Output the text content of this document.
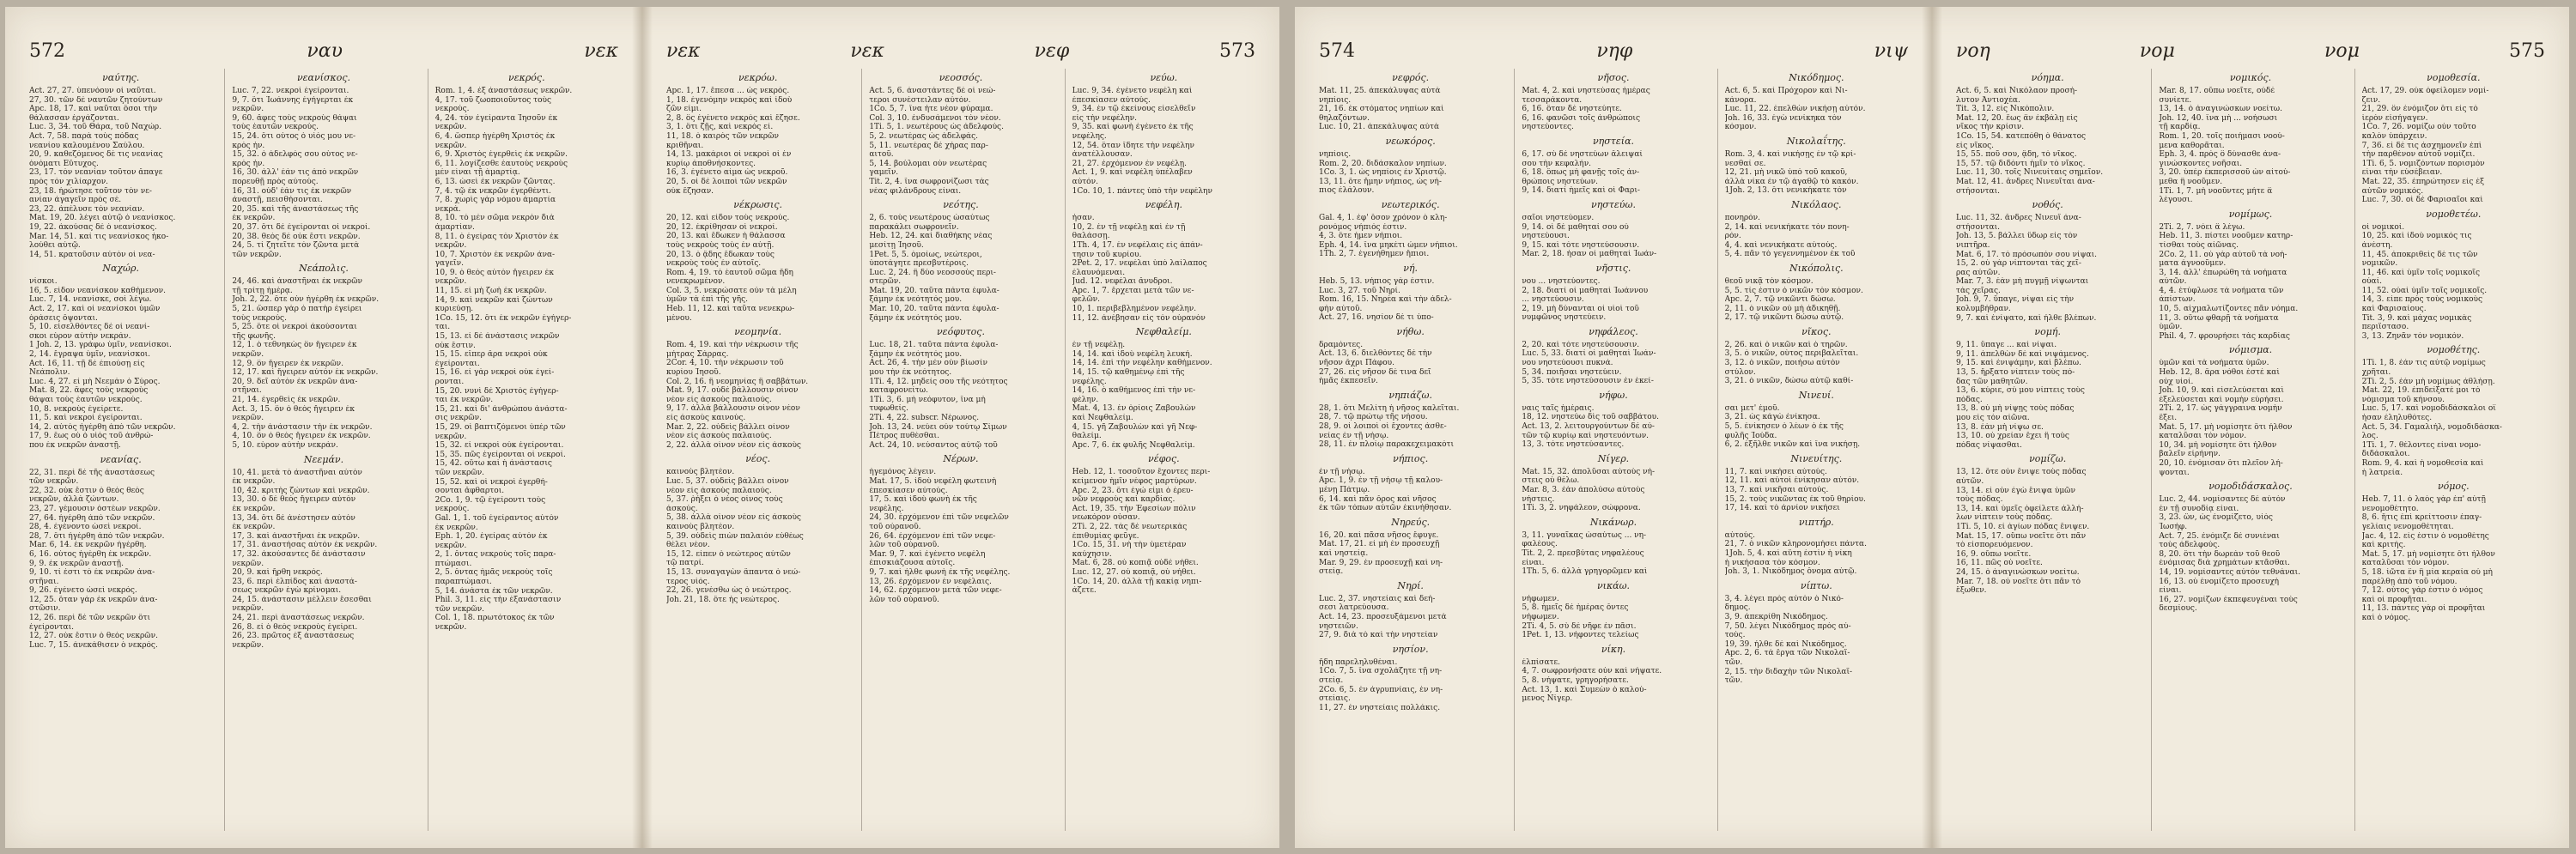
572	ναυ	νεκ
ναύτης.
Act. 27, 27. ὑπενόουν οἱ ναῦται.
27, 30. τῶν δὲ ναυτῶν ζητούντων
Apc. 18, 17. καὶ ναῦται ὅσοι τὴν
θάλασσαν ἐργάζονται.
Luc. 3, 34. τοῦ Θάρα, τοῦ Ναχώρ.
Act. 7, 58. παρὰ τοὺς πόδας
νεανίου καλουμένου Σαύλου.
20, 9. καθεζόμενος δέ τις νεανίας
ὀνόματι Εὔτυχος.
23, 17. τὸν νεανίαν τοῦτον ἄπαγε
πρὸς τὸν χιλίαρχον.
23, 18. ἠρώτησε τοῦτον τὸν νε-
ανίαν ἀγαγεῖν πρὸς σέ.
23, 22. ἀπέλυσε τὸν νεανίαν.
Mat. 19, 20. λέγει αὐτῷ ὁ νεανίσκος.
19, 22. ἀκούσας δὲ ὁ νεανίσκος.
Mar. 14, 51. καί τις νεανίσκος ἠκο-
λούθει αὐτῷ.
14, 51. κρατοῦσιν αὐτὸν οἱ νεα-
Ναχώρ.
νίσκοι.
16, 5. εἶδον νεανίσκον καθήμενον.
Luc. 7, 14. νεανίσκε, σοὶ λέγω.
Act. 2, 17. καὶ οἱ νεανίσκοι ὑμῶν
ὁράσεις ὄψονται.
5, 10. εἰσελθόντες δὲ οἱ νεανί-
σκοι εὗρον αὐτὴν νεκράν.
1 Joh. 2, 13. γράφω ὑμῖν, νεανίσκοι.
2, 14. ἔγραψα ὑμῖν, νεανίσκοι.
Act. 16, 11. τῇ δὲ ἐπιούσῃ εἰς
Νεάπολιν.
Luc. 4, 27. εἰ μὴ Νεεμὰν ὁ Σύρος.
Mat. 8, 22. ἄφες τοὺς νεκροὺς
θάψαι τοὺς ἑαυτῶν νεκρούς.
10, 8. νεκροὺς ἐγείρετε.
11, 5. καὶ νεκροὶ ἐγείρονται.
14, 2. αὐτὸς ἠγέρθη ἀπὸ τῶν νεκρῶν.
17, 9. ἕως οὗ ὁ υἱὸς τοῦ ἀνθρώ-
που ἐκ νεκρῶν ἀναστῇ.
νεανίας.
22, 31. περὶ δὲ τῆς ἀναστάσεως
τῶν νεκρῶν.
22, 32. οὐκ ἔστιν ὁ θεὸς θεὸς
νεκρῶν, ἀλλὰ ζώντων.
23, 27. γέμουσιν ὀστέων νεκρῶν.
27, 64. ἠγέρθη ἀπὸ τῶν νεκρῶν.
28, 4. ἐγένοντο ὡσεὶ νεκροί.
28, 7. ὅτι ἠγέρθη ἀπὸ τῶν νεκρῶν.
Mar. 6, 14. ἐκ νεκρῶν ἠγέρθη.
6, 16. οὗτος ἠγέρθη ἐκ νεκρῶν.
9, 9. ἐκ νεκρῶν ἀναστῇ.
9, 10. τί ἐστι τὸ ἐκ νεκρῶν ἀνα-
στῆναι.
9, 26. ἐγένετο ὡσεὶ νεκρός.
12, 25. ὅταν γὰρ ἐκ νεκρῶν ἀνα-
στῶσιν.
12, 26. περὶ δὲ τῶν νεκρῶν ὅτι
ἐγείρονται.
12, 27. οὐκ ἔστιν ὁ θεὸς νεκρῶν.
Luc. 7, 15. ἀνεκάθισεν ὁ νεκρός.
νεανίσκος.
Luc. 7, 22. νεκροὶ ἐγείρονται.
9, 7. ὅτι Ἰωάννης ἐγήγερται ἐκ
νεκρῶν.
9, 60. ἄφες τοὺς νεκροὺς θάψαι
τοὺς ἑαυτῶν νεκρούς.
15, 24. ὅτι οὗτος ὁ υἱός μου νε-
κρὸς ἦν.
15, 32. ὁ ἀδελφός σου οὗτος νε-
κρὸς ἦν.
16, 30. ἀλλ' ἐάν τις ἀπὸ νεκρῶν
πορευθῇ πρὸς αὐτούς.
16, 31. οὐδ' ἐάν τις ἐκ νεκρῶν
ἀναστῇ, πεισθήσονται.
20, 35. καὶ τῆς ἀναστάσεως τῆς
ἐκ νεκρῶν.
20, 37. ὅτι δὲ ἐγείρονται οἱ νεκροί.
20, 38. θεὸς δὲ οὐκ ἔστι νεκρῶν.
24, 5. τί ζητεῖτε τὸν ζῶντα μετὰ
τῶν νεκρῶν.
Νεάπολις.
24, 46. καὶ ἀναστῆναι ἐκ νεκρῶν
τῇ τρίτῃ ἡμέρᾳ.
Joh. 2, 22. ὅτε οὖν ἠγέρθη ἐκ νεκρῶν.
5, 21. ὥσπερ γὰρ ὁ πατὴρ ἐγείρει
τοὺς νεκρούς.
5, 25. ὅτε οἱ νεκροὶ ἀκούσονται
τῆς φωνῆς.
12, 1. ὁ τεθνηκὼς ὃν ἤγειρεν ἐκ
νεκρῶν.
12, 9. ὃν ἤγειρεν ἐκ νεκρῶν.
12, 17. καὶ ἤγειρεν αὐτὸν ἐκ νεκρῶν.
20, 9. δεῖ αὐτὸν ἐκ νεκρῶν ἀνα-
στῆναι.
21, 14. ἐγερθεὶς ἐκ νεκρῶν.
Act. 3, 15. ὃν ὁ θεὸς ἤγειρεν ἐκ
νεκρῶν.
4, 2. τὴν ἀνάστασιν τὴν ἐκ νεκρῶν.
4, 10. ὃν ὁ θεὸς ἤγειρεν ἐκ νεκρῶν.
5, 10. εὗρον αὐτὴν νεκράν.
Νεεμάν.
10, 41. μετὰ τὸ ἀναστῆναι αὐτὸν
ἐκ νεκρῶν.
10, 42. κριτὴς ζώντων καὶ νεκρῶν.
13, 30. ὁ δὲ θεὸς ἤγειρεν αὐτὸν
ἐκ νεκρῶν.
13, 34. ὅτι δὲ ἀνέστησεν αὐτὸν
ἐκ νεκρῶν.
17, 3. καὶ ἀναστῆναι ἐκ νεκρῶν.
17, 31. ἀναστήσας αὐτὸν ἐκ νεκρῶν.
17, 32. ἀκούσαντες δὲ ἀνάστασιν
νεκρῶν.
20, 9. καὶ ἤρθη νεκρός.
23, 6. περὶ ἐλπίδος καὶ ἀναστά-
σεως νεκρῶν ἐγὼ κρίνομαι.
24, 15. ἀνάστασιν μέλλειν ἔσεσθαι
νεκρῶν.
24, 21. περὶ ἀναστάσεως νεκρῶν.
26, 8. εἰ ὁ θεὸς νεκροὺς ἐγείρει.
26, 23. πρῶτος ἐξ ἀναστάσεως
νεκρῶν.
νεκρός.
Rom. 1, 4. ἐξ ἀναστάσεως νεκρῶν.
4, 17. τοῦ ζωοποιοῦντος τοὺς
νεκρούς.
4, 24. τὸν ἐγείραντα Ἰησοῦν ἐκ
νεκρῶν.
6, 4. ὥσπερ ἠγέρθη Χριστὸς ἐκ
νεκρῶν.
6, 9. Χριστὸς ἐγερθεὶς ἐκ νεκρῶν.
6, 11. λογίζεσθε ἑαυτοὺς νεκροὺς
μὲν εἶναι τῇ ἁμαρτίᾳ.
6, 13. ὡσεὶ ἐκ νεκρῶν ζῶντας.
7, 4. τῷ ἐκ νεκρῶν ἐγερθέντι.
7, 8. χωρὶς γὰρ νόμου ἁμαρτία
νεκρά.
8, 10. τὸ μὲν σῶμα νεκρὸν διὰ
ἁμαρτίαν.
8, 11. ὁ ἐγείρας τὸν Χριστὸν ἐκ
νεκρῶν.
10, 7. Χριστὸν ἐκ νεκρῶν ἀνα-
γαγεῖν.
10, 9. ὁ θεὸς αὐτὸν ἤγειρεν ἐκ
νεκρῶν.
11, 15. εἰ μὴ ζωὴ ἐκ νεκρῶν.
14, 9. καὶ νεκρῶν καὶ ζώντων
κυριεύσῃ.
1Co. 15, 12. ὅτι ἐκ νεκρῶν ἐγήγερ-
ται.
15, 13. εἰ δὲ ἀνάστασις νεκρῶν
οὐκ ἔστιν.
15, 15. εἴπερ ἄρα νεκροὶ οὐκ
ἐγείρονται.
15, 16. εἰ γὰρ νεκροὶ οὐκ ἐγεί-
ρονται.
15, 20. νυνὶ δὲ Χριστὸς ἐγήγερ-
ται ἐκ νεκρῶν.
15, 21. καὶ δι' ἀνθρώπου ἀνάστα-
σις νεκρῶν.
15, 29. οἱ βαπτιζόμενοι ὑπὲρ τῶν
νεκρῶν.
15, 32. εἰ νεκροὶ οὐκ ἐγείρονται.
15, 35. πῶς ἐγείρονται οἱ νεκροί.
15, 42. οὕτω καὶ ἡ ἀνάστασις
τῶν νεκρῶν.
15, 52. καὶ οἱ νεκροὶ ἐγερθή-
σονται ἄφθαρτοι.
2Co. 1, 9. τῷ ἐγείροντι τοὺς
νεκρούς.
Gal. 1, 1. τοῦ ἐγείραντος αὐτὸν
ἐκ νεκρῶν.
Eph. 1, 20. ἐγείρας αὐτὸν ἐκ
νεκρῶν.
2, 1. ὄντας νεκροὺς τοῖς παρα-
πτώμασι.
2, 5. ὄντας ἡμᾶς νεκροὺς τοῖς
παραπτώμασι.
5, 14. ἀνάστα ἐκ τῶν νεκρῶν.
Phil. 3, 11. εἰς τὴν ἐξανάστασιν
τῶν νεκρῶν.
Col. 1, 18. πρωτότοκος ἐκ τῶν
νεκρῶν.
νεκ	νεκ	νεφ	573
νεκρόω.
Apc. 1, 17. ἔπεσα ... ὡς νεκρός.
1, 18. ἐγενόμην νεκρὸς καὶ ἰδοὺ
ζῶν εἰμι.
2, 8. ὃς ἐγένετο νεκρὸς καὶ ἔζησε.
3, 1. ὅτι ζῇς, καὶ νεκρὸς εἶ.
11, 18. ὁ καιρὸς τῶν νεκρῶν
κριθῆναι.
14, 13. μακάριοι οἱ νεκροὶ οἱ ἐν
κυρίῳ ἀποθνήσκοντες.
16, 3. ἐγένετο αἷμα ὡς νεκροῦ.
20, 5. οἱ δὲ λοιποὶ τῶν νεκρῶν
οὐκ ἔζησαν.
νέκρωσις.
20, 12. καὶ εἶδον τοὺς νεκρούς.
20, 12. ἐκρίθησαν οἱ νεκροί.
20, 13. καὶ ἔδωκεν ἡ θάλασσα
τοὺς νεκροὺς τοὺς ἐν αὐτῇ.
20, 13. ὁ ᾅδης ἔδωκαν τοὺς
νεκροὺς τοὺς ἐν αὐτοῖς.
Rom. 4, 19. τὸ ἑαυτοῦ σῶμα ἤδη
νενεκρωμένον.
Col. 3, 5. νεκρώσατε οὖν τὰ μέλη
ὑμῶν τὰ ἐπὶ τῆς γῆς.
Heb. 11, 12. καὶ ταῦτα νενεκρω-
μένου.
νεομηνία.
Rom. 4, 19. καὶ τὴν νέκρωσιν τῆς
μήτρας Σάρρας.
2Cor. 4, 10. τὴν νέκρωσιν τοῦ
κυρίου Ἰησοῦ.
Col. 2, 16. ἢ νεομηνίας ἢ σαββάτων.
Mat. 9, 17. οὐδὲ βάλλουσιν οἶνον
νέον εἰς ἀσκοὺς παλαιούς.
9, 17. ἀλλὰ βάλλουσιν οἶνον νέον
εἰς ἀσκοὺς καινούς.
Mar. 2, 22. οὐδεὶς βάλλει οἶνον
νέον εἰς ἀσκοὺς παλαιούς.
2, 22. ἀλλὰ οἶνον νέον εἰς ἀσκοὺς
νέος.
καινοὺς βλητέον.
Luc. 5, 37. οὐδεὶς βάλλει οἶνον
νέον εἰς ἀσκοὺς παλαιούς.
5, 37. ῥήξει ὁ νέος οἶνος τοὺς
ἀσκούς.
5, 38. ἀλλὰ οἶνον νέον εἰς ἀσκοὺς
καινοὺς βλητέον.
5, 39. οὐδεὶς πιὼν παλαιὸν εὐθέως
θέλει νέον.
15, 12. εἶπεν ὁ νεώτερος αὐτῶν
τῷ πατρί.
15, 13. συναγαγὼν ἅπαντα ὁ νεώ-
τερος υἱός.
22, 26. γενέσθω ὡς ὁ νεώτερος.
Joh. 21, 18. ὅτε ἦς νεώτερος.
νεοσσός.
Act. 5, 6. ἀναστάντες δὲ οἱ νεώ-
τεροι συνέστειλαν αὐτόν.
1Co. 5, 7. ἵνα ἦτε νέον φύραμα.
Col. 3, 10. ἐνδυσάμενοι τὸν νέον.
1Ti. 5, 1. νεωτέρους ὡς ἀδελφούς.
5, 2. νεωτέρας ὡς ἀδελφάς.
5, 11. νεωτέρας δὲ χήρας παρ-
αιτοῦ.
5, 14. βούλομαι οὖν νεωτέρας
γαμεῖν.
Tit. 2, 4. ἵνα σωφρονίζωσι τὰς
νέας φιλάνδρους εἶναι.
νεότης.
2, 6. τοὺς νεωτέρους ὡσαύτως
παρακάλει σωφρονεῖν.
Heb. 12, 24. καὶ διαθήκης νέας
μεσίτῃ Ἰησοῦ.
1Pet. 5, 5. ὁμοίως, νεώτεροι,
ὑποτάγητε πρεσβυτέροις.
Luc. 2, 24. ἢ δύο νεοσσοὺς περι-
στερῶν.
Mat. 19, 20. ταῦτα πάντα ἐφυλα-
ξάμην ἐκ νεότητός μου.
Mar. 10, 20. ταῦτα πάντα ἐφυλα-
ξάμην ἐκ νεότητός μου.
νεόφυτος.
Luc. 18, 21. ταῦτα πάντα ἐφυλα-
ξάμην ἐκ νεότητός μου.
Act. 26, 4. τὴν μὲν οὖν βίωσίν
μου τὴν ἐκ νεότητος.
1Ti. 4, 12. μηδείς σου τῆς νεότητος
καταφρονείτω.
1Ti. 3, 6. μὴ νεόφυτον, ἵνα μὴ
τυφωθείς.
2Ti. 4, 22. subscr. Νέρωνος.
Joh. 13, 24. νεύει οὖν τούτῳ Σίμων
Πέτρος πυθέσθαι.
Act. 24, 10. νεύσαντος αὐτῷ τοῦ
Νέρων.
ἡγεμόνος λέγειν.
Mat. 17, 5. ἰδοὺ νεφέλη φωτεινὴ
ἐπεσκίασεν αὐτούς.
17, 5. καὶ ἰδοὺ φωνὴ ἐκ τῆς
νεφέλης.
24, 30. ἐρχόμενον ἐπὶ τῶν νεφελῶν
τοῦ οὐρανοῦ.
26, 64. ἐρχόμενον ἐπὶ τῶν νεφε-
λῶν τοῦ οὐρανοῦ.
Mar. 9, 7. καὶ ἐγένετο νεφέλη
ἐπισκιάζουσα αὐτοῖς.
9, 7. καὶ ἦλθε φωνὴ ἐκ τῆς νεφέλης.
13, 26. ἐρχόμενον ἐν νεφέλαις.
14, 62. ἐρχόμενον μετὰ τῶν νεφε-
λῶν τοῦ οὐρανοῦ.
νεύω.
Luc. 9, 34. ἐγένετο νεφέλη καὶ
ἐπεσκίασεν αὐτούς.
9, 34. ἐν τῷ ἐκείνους εἰσελθεῖν
εἰς τὴν νεφέλην.
9, 35. καὶ φωνὴ ἐγένετο ἐκ τῆς
νεφέλης.
12, 54. ὅταν ἴδητε τὴν νεφέλην
ἀνατέλλουσαν.
21, 27. ἐρχόμενον ἐν νεφέλῃ.
Act. 1, 9. καὶ νεφέλη ὑπέλαβεν
αὐτόν.
1Co. 10, 1. πάντες ὑπὸ τὴν νεφέλην
νεφέλη.
ἦσαν.
10, 2. ἐν τῇ νεφέλῃ καὶ ἐν τῇ
θαλάσσῃ.
1Th. 4, 17. ἐν νεφέλαις εἰς ἀπάν-
τησιν τοῦ κυρίου.
2Pet. 2, 17. νεφέλαι ὑπὸ λαίλαπος
ἐλαυνόμεναι.
Jud. 12. νεφέλαι ἄνυδροι.
Apc. 1, 7. ἔρχεται μετὰ τῶν νε-
φελῶν.
10, 1. περιβεβλημένον νεφέλην.
11, 12. ἀνέβησαν εἰς τὸν οὐρανὸν
Νεφθαλείμ.
ἐν τῇ νεφέλῃ.
14, 14. καὶ ἰδοὺ νεφέλη λευκή.
14, 14. ἐπὶ τὴν νεφέλην καθήμενον.
14, 15. τῷ καθημένῳ ἐπὶ τῆς
νεφέλης.
14, 16. ὁ καθήμενος ἐπὶ τὴν νε-
φέλην.
Mat. 4, 13. ἐν ὁρίοις Ζαβουλὼν
καὶ Νεφθαλείμ.
4, 15. γῆ Ζαβουλὼν καὶ γῆ Νεφ-
θαλείμ.
Apc. 7, 6. ἐκ φυλῆς Νεφθαλείμ.
νέφος.
Heb. 12, 1. τοσοῦτον ἔχοντες περι-
κείμενον ἡμῖν νέφος μαρτύρων.
Apc. 2, 23. ὅτι ἐγώ εἰμι ὁ ἐρευ-
νῶν νεφροὺς καὶ καρδίας.
Act. 19, 35. τὴν Ἐφεσίων πόλιν
νεωκόρον οὖσαν.
2Ti. 2, 22. τὰς δὲ νεωτερικὰς
ἐπιθυμίας φεῦγε.
1Co. 15, 31. νὴ τὴν ὑμετέραν
καύχησιν.
Mat. 6, 28. οὐ κοπιᾷ οὐδὲ νήθει.
Luc. 12, 27. οὐ κοπιᾷ, οὐ νήθει.
1Co. 14, 20. ἀλλὰ τῇ κακίᾳ νηπι-
άζετε.
574	νηφ	νιψ
νεφρός.
Mat. 11, 25. ἀπεκάλυψας αὐτὰ
νηπίοις.
21, 16. ἐκ στόματος νηπίων καὶ
θηλαζόντων.
Luc. 10, 21. ἀπεκάλυψας αὐτὰ
νεωκόρος.
νηπίοις.
Rom. 2, 20. διδάσκαλον νηπίων.
1Co. 3, 1. ὡς νηπίοις ἐν Χριστῷ.
13, 11. ὅτε ἤμην νήπιος, ὡς νή-
πιος ἐλάλουν.
νεωτερικός.
Gal. 4, 1. ἐφ' ὅσον χρόνον ὁ κλη-
ρονόμος νήπιός ἐστιν.
4, 3. ὅτε ἦμεν νήπιοι.
Eph. 4, 14. ἵνα μηκέτι ὦμεν νήπιοι.
1Th. 2, 7. ἐγενήθημεν ἤπιοι.
νή.
Heb. 5, 13. νήπιος γάρ ἐστιν.
Luc. 3, 27. τοῦ Νηρί.
Rom. 16, 15. Νηρέα καὶ τὴν ἀδελ-
φὴν αὐτοῦ.
Act. 27, 16. νησίον δέ τι ὑπο-
νήθω.
δραμόντες.
Act. 13, 6. διελθόντες δὲ τὴν
νῆσον ἄχρι Πάφου.
27, 26. εἰς νῆσον δέ τινα δεῖ
ἡμᾶς ἐκπεσεῖν.
νηπιάζω.
28, 1. ὅτι Μελίτη ἡ νῆσος καλεῖται.
28, 7. τῷ πρώτῳ τῆς νήσου.
28, 9. οἱ λοιποὶ οἱ ἔχοντες ἀσθε-
νείας ἐν τῇ νήσῳ.
28, 11. ἐν πλοίῳ παρακεχειμακότι
νήπιος.
ἐν τῇ νήσῳ.
Apc. 1, 9. ἐν τῇ νήσῳ τῇ καλου-
μένῃ Πάτμῳ.
6, 14. καὶ πᾶν ὄρος καὶ νῆσος
ἐκ τῶν τόπων αὐτῶν ἐκινήθησαν.
Νηρεύς.
16, 20. καὶ πᾶσα νῆσος ἔφυγε.
Mat. 17, 21. εἰ μὴ ἐν προσευχῇ
καὶ νηστείᾳ.
Mar. 9, 29. ἐν προσευχῇ καὶ νη-
στείᾳ.
Νηρί.
Luc. 2, 37. νηστείαις καὶ δεή-
σεσι λατρεύουσα.
Act. 14, 23. προσευξάμενοι μετὰ
νηστειῶν.
27, 9. διὰ τὸ καὶ τὴν νηστείαν
νησίον.
ἤδη παρεληλυθέναι.
1Co. 7, 5. ἵνα σχολάζητε τῇ νη-
στείᾳ.
2Co. 6, 5. ἐν ἀγρυπνίαις, ἐν νη-
στείαις.
11, 27. ἐν νηστείαις πολλάκις.
νῆσος.
Mat. 4, 2. καὶ νηστεύσας ἡμέρας
τεσσαράκοντα.
6, 16. ὅταν δὲ νηστεύητε.
6, 16. φανῶσι τοῖς ἀνθρώποις
νηστεύοντες.
νηστεία.
6, 17. σὺ δὲ νηστεύων ἄλειψαί
σου τὴν κεφαλήν.
6, 18. ὅπως μὴ φανῇς τοῖς ἀν-
θρώποις νηστεύων.
9, 14. διατί ἡμεῖς καὶ οἱ Φαρι-
νηστεύω.
σαῖοι νηστεύομεν.
9, 14. οἱ δὲ μαθηταί σου οὐ
νηστεύουσι.
9, 15. καὶ τότε νηστεύσουσιν.
Mar. 2, 18. ἦσαν οἱ μαθηταὶ Ἰωάν-
νῆστις.
νου ... νηστεύοντες.
2, 18. διατί οἱ μαθηταὶ Ἰωάννου
... νηστεύουσιν.
2, 19. μὴ δύνανται οἱ υἱοὶ τοῦ
νυμφῶνος νηστεύειν.
νηφάλεος.
2, 20. καὶ τότε νηστεύσουσιν.
Luc. 5, 33. διατί οἱ μαθηταὶ Ἰωάν-
νου νηστεύουσι πυκνά.
5, 34. ποιῆσαι νηστεύειν.
5, 35. τότε νηστεύσουσιν ἐν ἐκεί-
νήφω.
ναις ταῖς ἡμέραις.
18, 12. νηστεύω δὶς τοῦ σαββάτου.
Act. 13, 2. λειτουργούντων δὲ αὐ-
τῶν τῷ κυρίῳ καὶ νηστευόντων.
13, 3. τότε νηστεύσαντες.
Νίγερ.
Mat. 15, 32. ἀπολῦσαι αὐτοὺς νή-
στεις οὐ θέλω.
Mar. 8, 3. ἐὰν ἀπολύσω αὐτοὺς
νήστεις.
1Ti. 3, 2. νηφάλεον, σώφρονα.
Νικάνωρ.
3, 11. γυναῖκας ὡσαύτως ... νη-
φαλέους.
Tit. 2, 2. πρεσβύτας νηφαλέους
εἶναι.
1Th. 5, 6. ἀλλὰ γρηγορῶμεν καὶ
νικάω.
νήφωμεν.
5, 8. ἡμεῖς δὲ ἡμέρας ὄντες
νήφωμεν.
2Ti. 4, 5. σὺ δὲ νῆφε ἐν πᾶσι.
1Pet. 1, 13. νήφοντες τελείως
νίκη.
ἐλπίσατε.
4, 7. σωφρονήσατε οὖν καὶ νήψατε.
5, 8. νήψατε, γρηγορήσατε.
Act. 13, 1. καὶ Συμεὼν ὁ καλού-
μενος Νίγερ.
Νικόδημος.
Act. 6, 5. καὶ Πρόχορον καὶ Νι-
κάνορα.
Luc. 11, 22. ἐπελθὼν νικήσῃ αὐτόν.
Joh. 16, 33. ἐγὼ νενίκηκα τὸν
κόσμον.
Νικολαΐτης.
Rom. 3, 4. καὶ νικήσῃς ἐν τῷ κρί-
νεσθαί σε.
12, 21. μὴ νικῶ ὑπὸ τοῦ κακοῦ,
ἀλλὰ νίκα ἐν τῷ ἀγαθῷ τὸ κακόν.
1Joh. 2, 13. ὅτι νενικήκατε τὸν
Νικόλαος.
πονηρόν.
2, 14. καὶ νενικήκατε τὸν πονη-
ρόν.
4, 4. καὶ νενικήκατε αὐτούς.
5, 4. πᾶν τὸ γεγεννημένον ἐκ τοῦ
Νικόπολις.
θεοῦ νικᾷ τὸν κόσμον.
5, 5. τίς ἐστιν ὁ νικῶν τὸν κόσμον.
Apc. 2, 7. τῷ νικῶντι δώσω.
2, 11. ὁ νικῶν οὐ μὴ ἀδικηθῇ.
2, 17. τῷ νικῶντι δώσω αὐτῷ.
νῖκος.
2, 26. καὶ ὁ νικῶν καὶ ὁ τηρῶν.
3, 5. ὁ νικῶν, οὗτος περιβαλεῖται.
3, 12. ὁ νικῶν, ποιήσω αὐτὸν
στύλον.
3, 21. ὁ νικῶν, δώσω αὐτῷ καθί-
Νινευί.
σαι μετ' ἐμοῦ.
3, 21. ὡς κἀγὼ ἐνίκησα.
5, 5. ἐνίκησεν ὁ λέων ὁ ἐκ τῆς
φυλῆς Ἰούδα.
6, 2. ἐξῆλθε νικῶν καὶ ἵνα νικήσῃ.
Νινευίτης.
11, 7. καὶ νικήσει αὐτούς.
12, 11. καὶ αὐτοὶ ἐνίκησαν αὐτόν.
13, 7. καὶ νικῆσαι αὐτούς.
15, 2. τοὺς νικῶντας ἐκ τοῦ θηρίου.
17, 14. καὶ τὸ ἀρνίον νικήσει
νιπτήρ.
αὐτούς.
21, 7. ὁ νικῶν κληρονομήσει πάντα.
1Joh. 5, 4. καὶ αὕτη ἐστὶν ἡ νίκη
ἡ νικήσασα τὸν κόσμον.
Joh. 3, 1. Νικόδημος ὄνομα αὐτῷ.
νίπτω.
3, 4. λέγει πρὸς αὐτὸν ὁ Νικό-
δημος.
3, 9. ἀπεκρίθη Νικόδημος.
7, 50. λέγει Νικόδημος πρὸς αὐ-
τούς.
19, 39. ἦλθε δὲ καὶ Νικόδημος.
Apc. 2, 6. τὰ ἔργα τῶν Νικολαϊ-
τῶν.
2, 15. τὴν διδαχὴν τῶν Νικολαϊ-
τῶν.
νοη	νομ	νομ	575
νόημα.
Act. 6, 5. καὶ Νικόλαον προσή-
λυτον Ἀντιοχέα.
Tit. 3, 12. εἰς Νικόπολιν.
Mat. 12, 20. ἕως ἂν ἐκβάλῃ εἰς
νῖκος τὴν κρίσιν.
1Co. 15, 54. κατεπόθη ὁ θάνατος
εἰς νῖκος.
15, 55. ποῦ σου, ᾅδη, τὸ νῖκος.
15, 57. τῷ διδόντι ἡμῖν τὸ νῖκος.
Luc. 11, 30. τοῖς Νινευίταις σημεῖον.
Mat. 12, 41. ἄνδρες Νινευῖται ἀνα-
στήσονται.
νοθός.
Luc. 11, 32. ἄνδρες Νινευΐ ἀνα-
στήσονται.
Joh. 13, 5. βάλλει ὕδωρ εἰς τὸν
νιπτῆρα.
Mat. 6, 17. τὸ πρόσωπόν σου νίψαι.
15, 2. οὐ γὰρ νίπτονται τὰς χεῖ-
ρας αὐτῶν.
Mar. 7, 3. ἐὰν μὴ πυγμῇ νίψωνται
τὰς χεῖρας.
Joh. 9, 7. ὕπαγε, νίψαι εἰς τὴν
κολυμβήθραν.
9, 7. καὶ ἐνίψατο, καὶ ἦλθε βλέπων.
νομή.
9, 11. ὕπαγε ... καὶ νίψαι.
9, 11. ἀπελθὼν δὲ καὶ νιψάμενος.
9, 15. καὶ ἐνιψάμην, καὶ βλέπω.
13, 5. ἤρξατο νίπτειν τοὺς πό-
δας τῶν μαθητῶν.
13, 6. κύριε, σύ μου νίπτεις τοὺς
πόδας.
13, 8. οὐ μὴ νίψῃς τοὺς πόδας
μου εἰς τὸν αἰῶνα.
13, 8. ἐὰν μὴ νίψω σε.
13, 10. οὐ χρείαν ἔχει ἢ τοὺς
πόδας νίψασθαι.
νομίζω.
13, 12. ὅτε οὖν ἔνιψε τοὺς πόδας
αὐτῶν.
13, 14. εἰ οὖν ἐγὼ ἔνιψα ὑμῶν
τοὺς πόδας.
13, 14. καὶ ὑμεῖς ὀφείλετε ἀλλή-
λων νίπτειν τοὺς πόδας.
1Ti. 5, 10. εἰ ἁγίων πόδας ἔνιψεν.
Mat. 15, 17. οὔπω νοεῖτε ὅτι πᾶν
τὸ εἰσπορευόμενον.
16, 9. οὔπω νοεῖτε.
16, 11. πῶς οὐ νοεῖτε.
24, 15. ὁ ἀναγινώσκων νοείτω.
Mar. 7, 18. οὐ νοεῖτε ὅτι πᾶν τὸ
ἔξωθεν.
νομικός.
Mar. 8, 17. οὔπω νοεῖτε, οὐδὲ
συνίετε.
13, 14. ὁ ἀναγινώσκων νοείτω.
Joh. 12, 40. ἵνα μὴ ... νοήσωσι
τῇ καρδίᾳ.
Rom. 1, 20. τοῖς ποιήμασι νοού-
μενα καθορᾶται.
Eph. 3, 4. πρὸς ὃ δύνασθε ἀνα-
γινώσκοντες νοῆσαι.
3, 20. ὑπὲρ ἐκπερισσοῦ ὧν αἰτού-
μεθα ἢ νοοῦμεν.
1Ti. 1, 7. μὴ νοοῦντες μήτε ἃ
λέγουσι.
νομίμως.
2Ti. 2, 7. νόει ἃ λέγω.
Heb. 11, 3. πίστει νοοῦμεν κατηρ-
τίσθαι τοὺς αἰῶνας.
2Co. 2, 11. οὐ γὰρ αὐτοῦ τὰ νοή-
ματα ἀγνοοῦμεν.
3, 14. ἀλλ' ἐπωρώθη τὰ νοήματα
αὐτῶν.
4, 4. ἐτύφλωσε τὰ νοήματα τῶν
ἀπίστων.
10, 5. αἰχμαλωτίζοντες πᾶν νόημα.
11, 3. οὕτω φθαρῇ τὰ νοήματα
ὑμῶν.
Phil. 4, 7. φρουρήσει τὰς καρδίας
νόμισμα.
ὑμῶν καὶ τὰ νοήματα ὑμῶν.
Heb. 12, 8. ἄρα νόθοι ἐστὲ καὶ
οὐχ υἱοί.
Joh. 10, 9. καὶ εἰσελεύσεται καὶ
ἐξελεύσεται καὶ νομὴν εὑρήσει.
2Ti. 2, 17. ὡς γάγγραινα νομὴν
ἕξει.
Mat. 5, 17. μὴ νομίσητε ὅτι ἦλθον
καταλῦσαι τὸν νόμον.
10, 34. μὴ νομίσητε ὅτι ἦλθον
βαλεῖν εἰρήνην.
20, 10. ἐνόμισαν ὅτι πλεῖον λή-
ψονται.
νομοδιδάσκαλος.
Luc. 2, 44. νομίσαντες δὲ αὐτὸν
ἐν τῇ συνοδίᾳ εἶναι.
3, 23. ὢν, ὡς ἐνομίζετο, υἱὸς
Ἰωσήφ.
Act. 7, 25. ἐνόμιζε δὲ συνιέναι
τοὺς ἀδελφούς.
8, 20. ὅτι τὴν δωρεὰν τοῦ θεοῦ
ἐνόμισας διὰ χρημάτων κτᾶσθαι.
14, 19. νομίσαντες αὐτὸν τεθνάναι.
16, 13. οὗ ἐνομίζετο προσευχὴ
εἶναι.
16, 27. νομίζων ἐκπεφευγέναι τοὺς
δεσμίους.
νομοθεσία.
Act. 17, 29. οὐκ ὀφείλομεν νομί-
ζειν.
21, 29. ὃν ἐνόμιζον ὅτι εἰς τὸ
ἱερὸν εἰσήγαγεν.
1Co. 7, 26. νομίζω οὖν τοῦτο
καλὸν ὑπάρχειν.
7, 36. εἰ δέ τις ἀσχημονεῖν ἐπὶ
τὴν παρθένον αὐτοῦ νομίζει.
1Ti. 6, 5. νομιζόντων πορισμὸν
εἶναι τὴν εὐσέβειαν.
Mat. 22, 35. ἐπηρώτησεν εἷς ἐξ
αὐτῶν νομικός.
Luc. 7, 30. οἱ δὲ Φαρισαῖοι καὶ
νομοθετέω.
οἱ νομικοί.
10, 25. καὶ ἰδοὺ νομικός τις
ἀνέστη.
11, 45. ἀποκριθεὶς δέ τις τῶν
νομικῶν.
11, 46. καὶ ὑμῖν τοῖς νομικοῖς
οὐαί.
11, 52. οὐαὶ ὑμῖν τοῖς νομικοῖς.
14, 3. εἶπε πρὸς τοὺς νομικοὺς
καὶ Φαρισαίους.
Tit. 3, 9. καὶ μάχας νομικὰς
περιΐστασο.
3, 13. Ζηνᾶν τὸν νομικόν.
νομοθέτης.
1Ti. 1, 8. ἐάν τις αὐτῷ νομίμως
χρῆται.
2Ti. 2, 5. ἐὰν μὴ νομίμως ἀθλήσῃ.
Mat. 22, 19. ἐπιδείξατέ μοι τὸ
νόμισμα τοῦ κήνσου.
Luc. 5, 17. καὶ νομοδιδάσκαλοι οἳ
ἦσαν ἐληλυθότες.
Act. 5, 34. Γαμαλιήλ, νομοδιδάσκα-
λος.
1Ti. 1, 7. θέλοντες εἶναι νομο-
διδάσκαλοι.
Rom. 9, 4. καὶ ἡ νομοθεσία καὶ
ἡ λατρεία.
νόμος.
Heb. 7, 11. ὁ λαὸς γὰρ ἐπ' αὐτῇ
νενομοθέτητο.
8, 6. ἥτις ἐπὶ κρείττοσιν ἐπαγ-
γελίαις νενομοθέτηται.
Jac. 4, 12. εἷς ἐστιν ὁ νομοθέτης
καὶ κριτής.
Mat. 5, 17. μὴ νομίσητε ὅτι ἦλθον
καταλῦσαι τὸν νόμον.
5, 18. ἰῶτα ἓν ἢ μία κεραία οὐ μὴ
παρέλθῃ ἀπὸ τοῦ νόμου.
7, 12. οὗτος γάρ ἐστιν ὁ νόμος
καὶ οἱ προφῆται.
11, 13. πάντες γὰρ οἱ προφῆται
καὶ ὁ νόμος.
